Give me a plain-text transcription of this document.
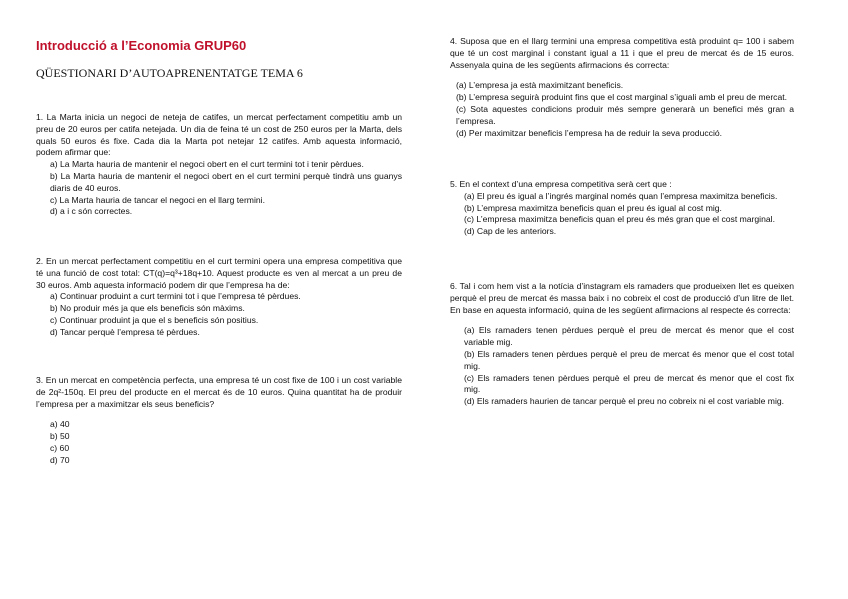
Introducció a l’Economia GRUP60
QÜESTIONARI D’AUTOAPRENENTATGE TEMA 6

1. La Marta inicia un negoci de neteja de catifes, un mercat perfectament competitiu amb un preu de 20 euros per catifa netejada. Un dia de feina té un cost de 250 euros per la Marta, dels quals 50 euros és fixe. Cada dia la Marta pot netejar 12 catifes. Amb aquesta informació, podem afirmar que:

a) La Marta hauria de mantenir el negoci obert en el curt termini tot i tenir pèrdues.

b) La Marta hauria de mantenir el negoci obert en el curt termini perquè tindrà uns guanys diaris de 40 euros.

c) La Marta hauria de tancar el negoci en el llarg termini.

d) a i c són correctes.

2. En un mercat perfectament competitiu en el curt termini opera una empresa competitiva que té una funció de cost total: CT(q)=q³+18q+10. Aquest producte es ven al mercat a un preu de 30 euros. Amb aquesta informació podem dir que l’empresa ha de:

a) Continuar produint a curt termini tot i que l’empresa té pèrdues.

b) No produir més ja que els beneficis són màxims.

c) Continuar produint ja que el s beneficis són positius.

d) Tancar perquè l’empresa té pèrdues.

3. En un mercat en competència perfecta, una empresa té un cost fixe de 100 i un cost variable de 2q²-150q. El preu del producte en el mercat és de 10 euros. Quina quantitat ha de produir l’empresa per a maximitzar els seus beneficis?

a) 40

b) 50

c) 60

d) 70

4. Suposa que en el llarg termini una empresa competitiva està produint q= 100 i sabem que té un cost marginal i constant igual a 11 i que el preu de mercat és de 15 euros. Assenyala quina de les següents afirmacions és correcta:

(a) L’empresa ja està maximitzant beneficis.

(b) L’empresa seguirà produint fins que el cost marginal s’iguali amb el preu de mercat.

(c) Sota aquestes condicions produir més sempre generarà un benefici més gran a l’empresa.

(d) Per maximitzar beneficis l’empresa ha de reduir la seva producció.

5. En el context d’una empresa competitiva serà cert que :

(a) El preu és igual a l’ingrés marginal només quan l’empresa maximitza beneficis.

(b) L’empresa maximitza beneficis quan el preu és igual al cost mig.

(c) L’empresa maximitza beneficis quan el preu és més gran que el cost marginal.

(d) Cap de les anteriors.

6. Tal i com hem vist a la notícia d’instagram els ramaders que produeixen llet es queixen perquè el preu de mercat és massa baix i no cobreix el cost de producció d’un litre de llet. En base en aquesta informació, quina de les següent afirmacions al respecte és correcta:

(a) Els ramaders tenen pèrdues perquè el preu de mercat és menor que el cost variable mig.

(b) Els ramaders tenen pèrdues perquè el preu de mercat és menor que el cost total mig.

(c) Els ramaders tenen pèrdues perquè el preu de mercat és menor que el cost fix mig.

(d) Els ramaders haurien de tancar perquè el preu no cobreix ni el cost variable mig.
